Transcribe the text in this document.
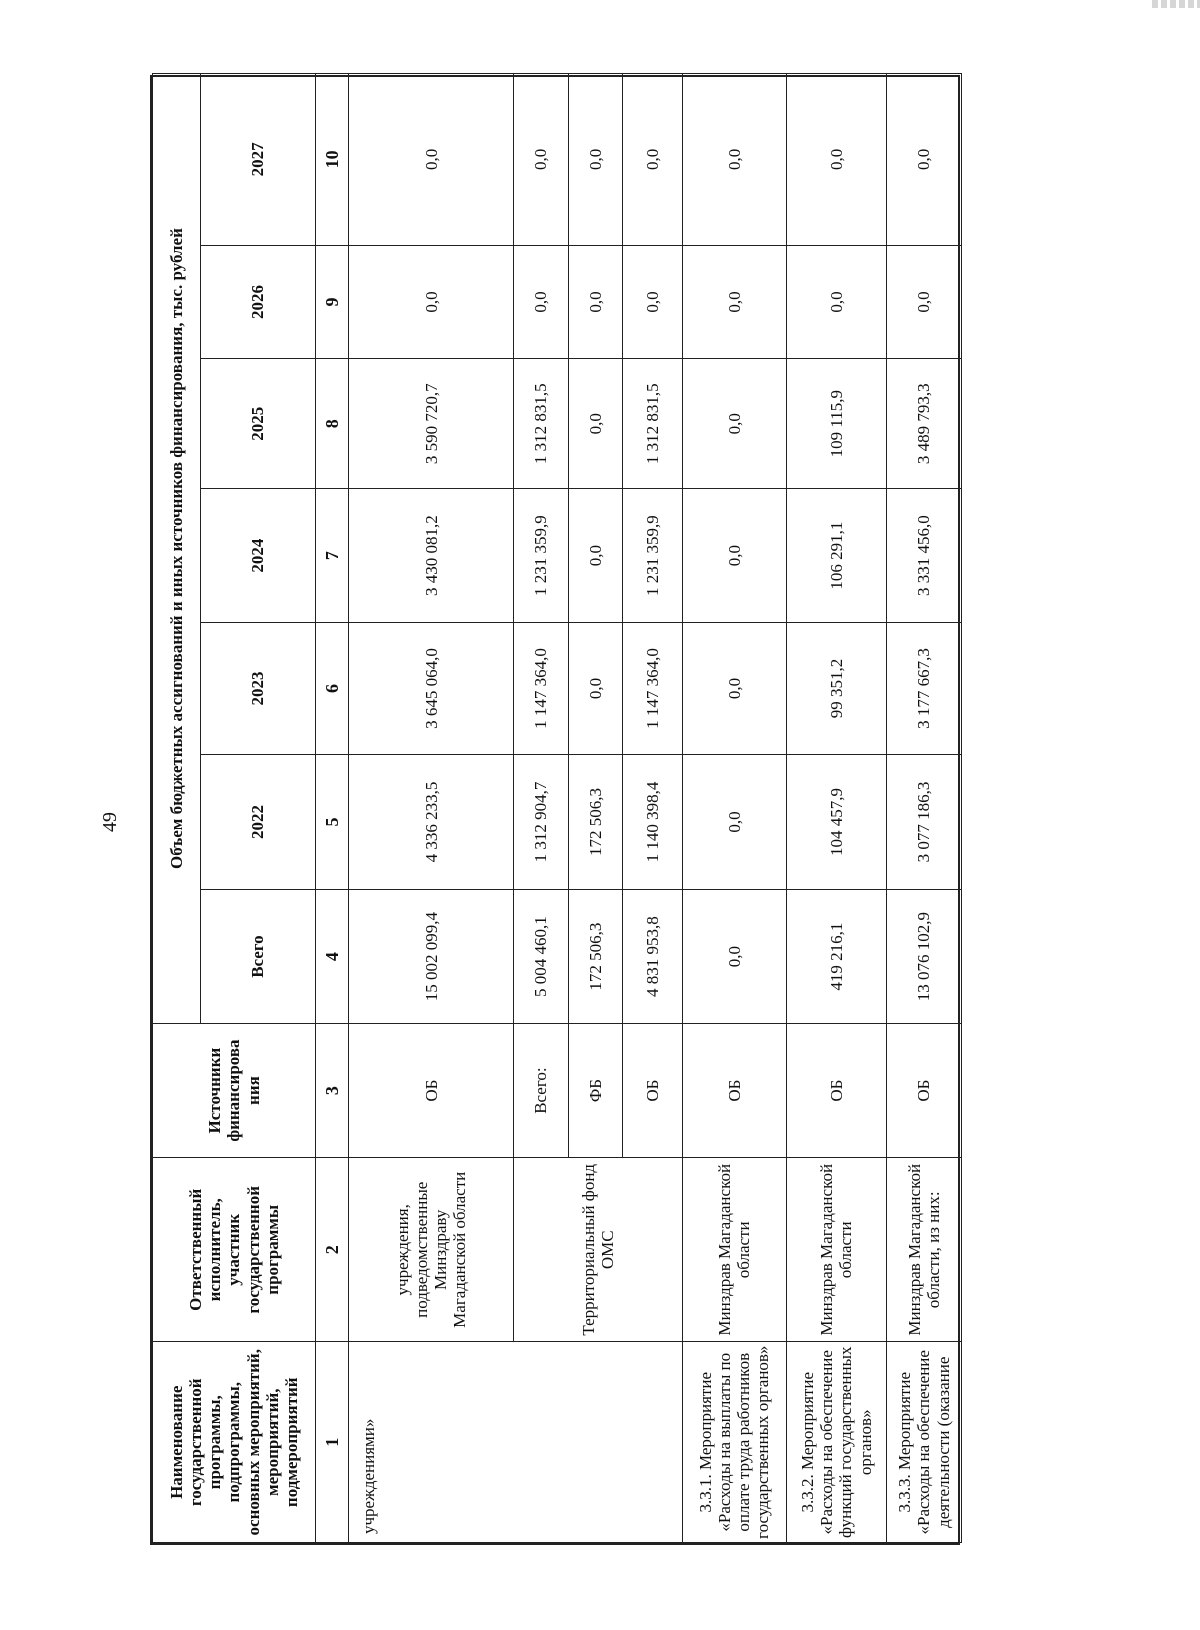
49
Наименование государственной программы, подпрограммы, основных мероприятий, мероприятий, подмероприятий	Ответственный исполнитель, участник государственной программы	Источники финансирова ния	Объем бюджетных ассигнований и иных источников финансирования, тыс. рублей						
			Всего	2022	2023	2024	2025	2026	2027
1	2	3	4	5	6	7	8	9	10
учреждениями»	учреждения, подведомственные Минздраву Магаданской области	ОБ	15 002 099,4	4 336 233,5	3 645 064,0	3 430 081,2	3 590 720,7	0,0	0,0
	Территориальный фонд ОМС	Всего:	5 004 460,1	1 312 904,7	1 147 364,0	1 231 359,9	1 312 831,5	0,0	0,0
		ФБ	172 506,3	172 506,3	0,0	0,0	0,0	0,0	0,0
		ОБ	4 831 953,8	1 140 398,4	1 147 364,0	1 231 359,9	1 312 831,5	0,0	0,0
3.3.1. Мероприятие «Расходы на выплаты по оплате труда работников государственных органов»	Минздрав Магаданской области	ОБ	0,0	0,0	0,0	0,0	0,0	0,0	0,0
3.3.2. Мероприятие «Расходы на обеспечение функций государственных органов»	Минздрав Магаданской области	ОБ	419 216,1	104 457,9	99 351,2	106 291,1	109 115,9	0,0	0,0
3.3.3. Мероприятие «Расходы на обеспечение деятельности (оказание	Минздрав Магаданской области, из них:	ОБ	13 076 102,9	3 077 186,3	3 177 667,3	3 331 456,0	3 489 793,3	0,0	0,0
